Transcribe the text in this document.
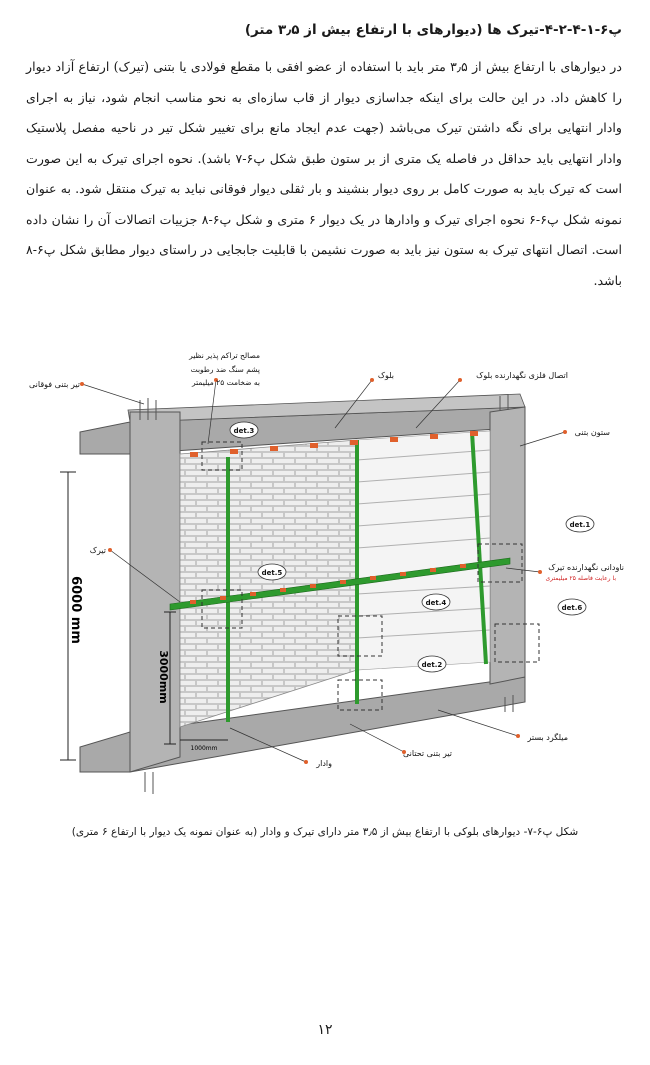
پ۶-۱-۴-۲-۴-تیرک ها (دیوارهای با ارتفاع بیش از ۳٫۵ متر)

در دیوارهای با ارتفاع بیش از ۳٫۵ متر باید با استفاده از عضو افقی با مقطع فولادی یا بتنی (تیرک) ارتفاع آزاد دیوار را کاهش داد. در این حالت برای اینکه جداسازی دیوار از قاب سازه‌ای به نحو مناسب انجام شود، نیاز به اجرای وادار انتهایی برای نگه داشتن تیرک می‌باشد (جهت عدم ایجاد مانع برای تغییر شکل تیر در ناحیه مفصل پلاستیک وادار انتهایی باید حداقل در فاصله یک متری از بر ستون طبق شکل پ۶-۷ باشد). نحوه اجرای تیرک به این صورت است که تیرک باید به صورت کامل بر روی دیوار بنشیند و بار ثقلی دیوار فوقانی نباید به تیرک منتقل شود. به عنوان نمونه شکل پ۶-۶ نحوه اجرای تیرک و وادارها در یک دیوار ۶ متری و شکل پ۶-۸ جزییات اتصالات آن را نشان داده است. اتصال انتهای تیرک به ستون نیز باید به صورت نشیمن با قابلیت جابجایی در راستای دیوار مطابق شکل پ۶-۸ باشد.

det.3
det.5
det.4
det.2
det.1
det.6
6000 mm
3000mm
1000mm
تیر بتنی فوقانی
مصالح تراکم پذیر نظیر
پشم سنگ ضد رطوبت
به ضخامت ۲۵ میلیمتر
بلوک	اتصال فلزی نگهدارنده بلوک
ستون بتنی
تیرک
ناودانی نگهدارنده تیرک
با رعایت فاصله ۲۵ میلیمتری
میلگرد بستر
تیر بتنی تحتانی
وادار
شکل پ۶-۷- دیوارهای بلوکی با ارتفاع بیش از ۳٫۵ متر دارای تیرک و وادار (به عنوان نمونه یک دیوار با ارتفاع ۶ متری)
۱۲
